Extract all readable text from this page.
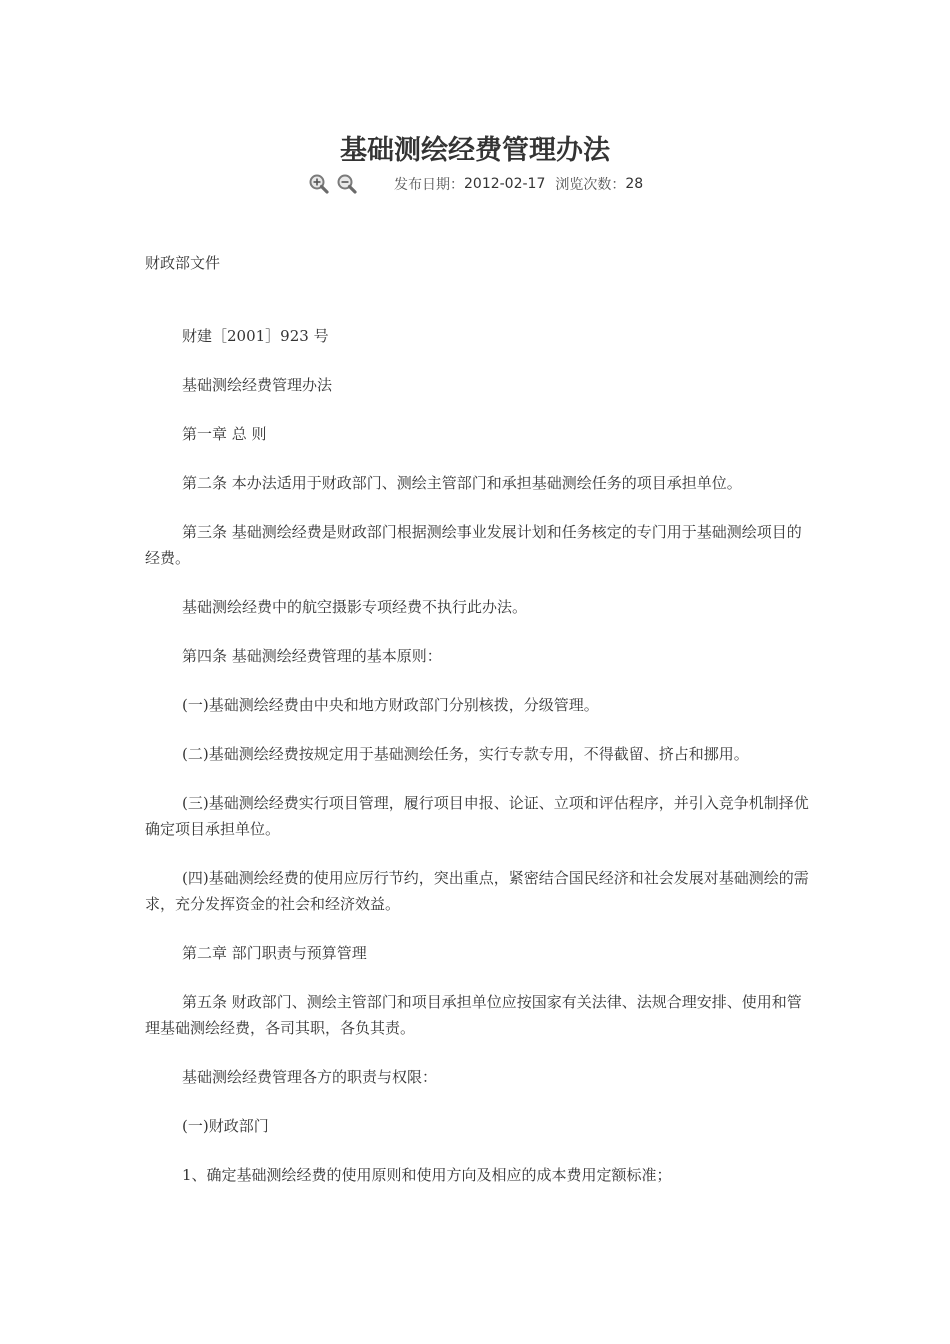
基础测绘经费管理办法
发布日期： 2012-02-17 浏览次数： 28

财政部文件

财建［2001］923 号

基础测绘经费管理办法

第一章 总 则

第二条 本办法适用于财政部门、测绘主管部门和承担基础测绘任务的项目承担单位。

第三条 基础测绘经费是财政部门根据测绘事业发展计划和任务核定的专门用于基础测绘项目的经费。

基础测绘经费中的航空摄影专项经费不执行此办法。

第四条 基础测绘经费管理的基本原则：

(一)基础测绘经费由中央和地方财政部门分别核拨，分级管理。

(二)基础测绘经费按规定用于基础测绘任务，实行专款专用，不得截留、挤占和挪用。

(三)基础测绘经费实行项目管理，履行项目申报、论证、立项和评估程序，并引入竞争机制择优确定项目承担单位。

(四)基础测绘经费的使用应厉行节约，突出重点，紧密结合国民经济和社会发展对基础测绘的需求，充分发挥资金的社会和经济效益。

第二章 部门职责与预算管理

第五条 财政部门、测绘主管部门和项目承担单位应按国家有关法律、法规合理安排、使用和管理基础测绘经费，各司其职，各负其责。

基础测绘经费管理各方的职责与权限：

(一)财政部门

1、确定基础测绘经费的使用原则和使用方向及相应的成本费用定额标准；
